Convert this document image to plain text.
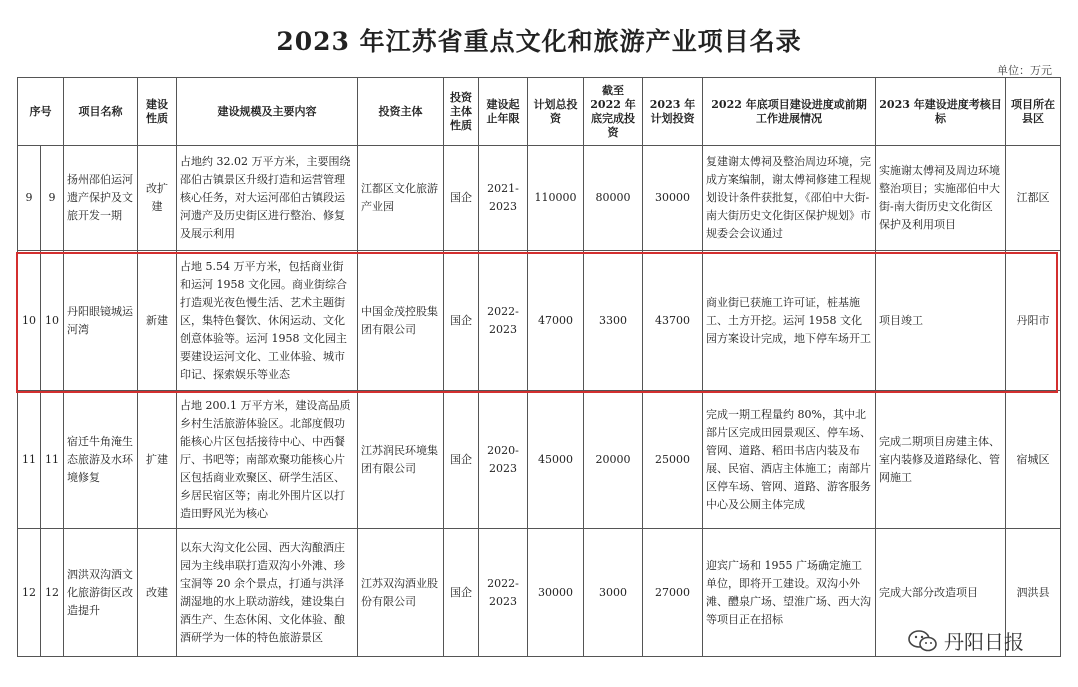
2023 年江苏省重点文化和旅游产业项目名录
单位：万元
序号		项目名称	建设性质	建设规模及主要内容	投资主体	投资主体性质	建设起止年限	计划总投资	截至2022 年底完成投资	2023 年计划投资	2022 年底项目建设进度或前期工作进展情况	2023 年建设进度考核目标	项目所在县区
9	9	扬州邵伯运河遗产保护及文旅开发一期	改扩建	占地约 32.02 万平方米，主要围绕邵伯古镇景区升级打造和运营管理核心任务，对大运河邵伯古镇段运河遗产及历史街区进行整治、修复及展示利用	江都区文化旅游产业园	国企	2021-2023	110000	80000	30000	复建谢太傅祠及整治周边环境，完成方案编制，谢太傅祠修建工程规划设计条件获批复，《邵伯中大街-南大街历史文化街区保护规划》市规委会会议通过	实施谢太傅祠及周边环境整治项目；实施邵伯中大街-南大街历史文化街区保护及利用项目	江都区
10	10	丹阳眼镜城运河湾	新建	占地 5.54 万平方米，包括商业街和运河 1958 文化园。商业街综合打造观光夜色慢生活、艺术主题街区，集特色餐饮、休闲运动、文化创意体验等。运河 1958 文化园主要建设运河文化、工业体验、城市印记、探索娱乐等业态	中国金茂控股集团有限公司	国企	2022-2023	47000	3300	43700	商业街已获施工许可证，桩基施工、土方开挖。运河 1958 文化园方案设计完成，地下停车场开工	项目竣工	丹阳市
11	11	宿迁牛角淹生态旅游及水环境修复	扩建	占地 200.1 万平方米，建设高品质乡村生活旅游体验区。北部度假功能核心片区包括接待中心、中西餐厅、书吧等；南部欢聚功能核心片区包括商业欢聚区、研学生活区、乡居民宿区等；南北外围片区以打造田野风光为核心	江苏润民环境集团有限公司	国企	2020-2023	45000	20000	25000	完成一期工程量约 80%，其中北部片区完成田园景观区、停车场、管网、道路、稻田书店内装及布展、民宿、酒店主体施工；南部片区停车场、管网、道路、游客服务中心及公厕主体完成	完成二期项目房建主体、室内装修及道路绿化、管网施工	宿城区
12	12	泗洪双沟酒文化旅游街区改造提升	改建	以东大沟文化公园、西大沟酿酒庄园为主线串联打造双沟小外滩、珍宝洞等 20 余个景点，打通与洪泽湖湿地的水上联动游线，建设集白酒生产、生态休闲、文化体验、酿酒研学为一体的特色旅游景区	江苏双沟酒业股份有限公司	国企	2022-2023	30000	3000	27000	迎宾广场和 1955 广场确定施工单位，即将开工建设。双沟小外滩、醴泉广场、望淮广场、西大沟等项目正在招标	完成大部分改造项目	泗洪县
丹阳日报
